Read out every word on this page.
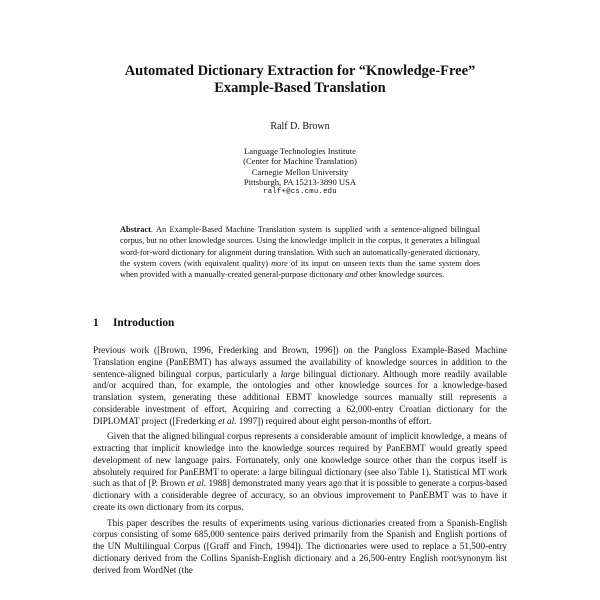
Automated Dictionary Extraction for “Knowledge-Free”
Example-Based Translation
Ralf D. Brown
Language Technologies Institute
(Center for Machine Translation)
Carnegie Mellon University
Pittsburgh, PA 15213-3890 USA
ralf+@cs.cmu.edu
Abstract. An Example-Based Machine Translation system is supplied with a sentence-aligned bilingual corpus, but no other knowledge sources. Using the knowledge implicit in the corpus, it generates a bilingual word-for-word dictionary for alignment during translation. With such an automatically-generated dictionary, the system covers (with equivalent quality) more of its input on unseen texts than the same system does when provided with a manually-created general-purpose dictionary and other knowledge sources.
1 Introduction

Previous work ([Brown, 1996, Frederking and Brown, 1996]) on the Pangloss Example-Based Machine Translation engine (PanEBMT) has always assumed the availability of knowledge sources in addition to the sentence-aligned bilingual corpus, particularly a large bilingual dictionary. Although more readily available and/or acquired than, for example, the ontologies and other knowledge sources for a knowledge-based translation system, generating these additional EBMT knowledge sources manually still represents a considerable investment of effort. Acquiring and correcting a 62,000-entry Croatian dictionary for the DIPLOMAT project ([Frederking et al. 1997]) required about eight person-months of effort.

Given that the aligned bilingual corpus represents a considerable amount of implicit knowledge, a means of extracting that implicit knowledge into the knowledge sources required by PanEBMT would greatly speed development of new language pairs. Fortunately, only one knowledge source other than the corpus itself is absolutely required for PanEBMT to operate: a large bilingual dictionary (see also Table 1). Statistical MT work such as that of [P. Brown et al. 1988] demonstrated many years ago that it is possible to generate a corpus-based dictionary with a considerable degree of accuracy, so an obvious improvement to PanEBMT was to have it create its own dictionary from its corpus.

This paper describes the results of experiments using various dictionaries created from a Spanish-English corpus consisting of some 685,000 sentence pairs derived primarily from the Spanish and English portions of the UN Multilingual Corpus ([Graff and Finch, 1994]). The dictionaries were used to replace a 51,500-entry dictionary derived from the Collins Spanish-English dictionary and a 26,500-entry English root/synonym list derived from WordNet (the
